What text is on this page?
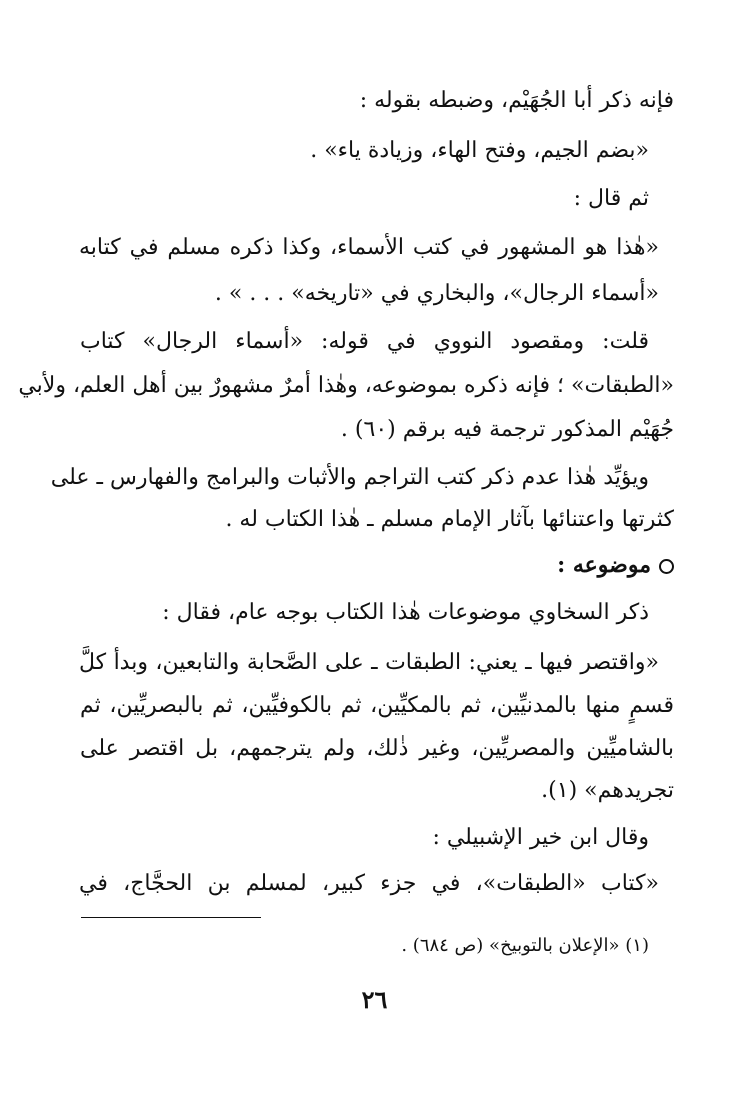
فإنه ذكر أبا الجُهَيْم، وضبطه بقوله :
«بضم الجيم، وفتح الهاء، وزيادة ياء» .
ثم قال :
«هٰذا هو المشهور في كتب الأسماء، وكذا ذكره مسلم في كتابه
«أسماء الرجال»، والبخاري في «تاريخه» . . . » .
قلت: ومقصود النووي في قوله: «أسماء الرجال» كتاب
«الطبقات» ؛ فإنه ذكره بموضوعه، وهٰذا أمرٌ مشهورٌ بين أهل العلم، ولأبي
جُهَيْم المذكور ترجمة فيه برقم (٦٠) .
ويؤيِّد هٰذا عدم ذكر كتب التراجم والأثبات والبرامج والفهارس ـ على
كثرتها واعتنائها بآثار الإمام مسلم ـ هٰذا الكتاب له .
موضوعه :
ذكر السخاوي موضوعات هٰذا الكتاب بوجه عام، فقال :
«واقتصر فيها ـ يعني: الطبقات ـ على الصَّحابة والتابعين، وبدأ كلَّ
قسمٍ منها بالمدنيِّين، ثم بالمكيِّين، ثم بالكوفيِّين، ثم بالبصريِّين، ثم
بالشاميِّين والمصريِّين، وغير ذٰلك، ولم يترجمهم، بل اقتصر على
تجريدهم» (١).
وقال ابن خير الإشبيلي :
«كتاب «الطبقات»، في جزء كبير، لمسلم بن الحجَّاج، في
(١) «الإعلان بالتوبيخ» (ص ٦٨٤) .
٢٦
